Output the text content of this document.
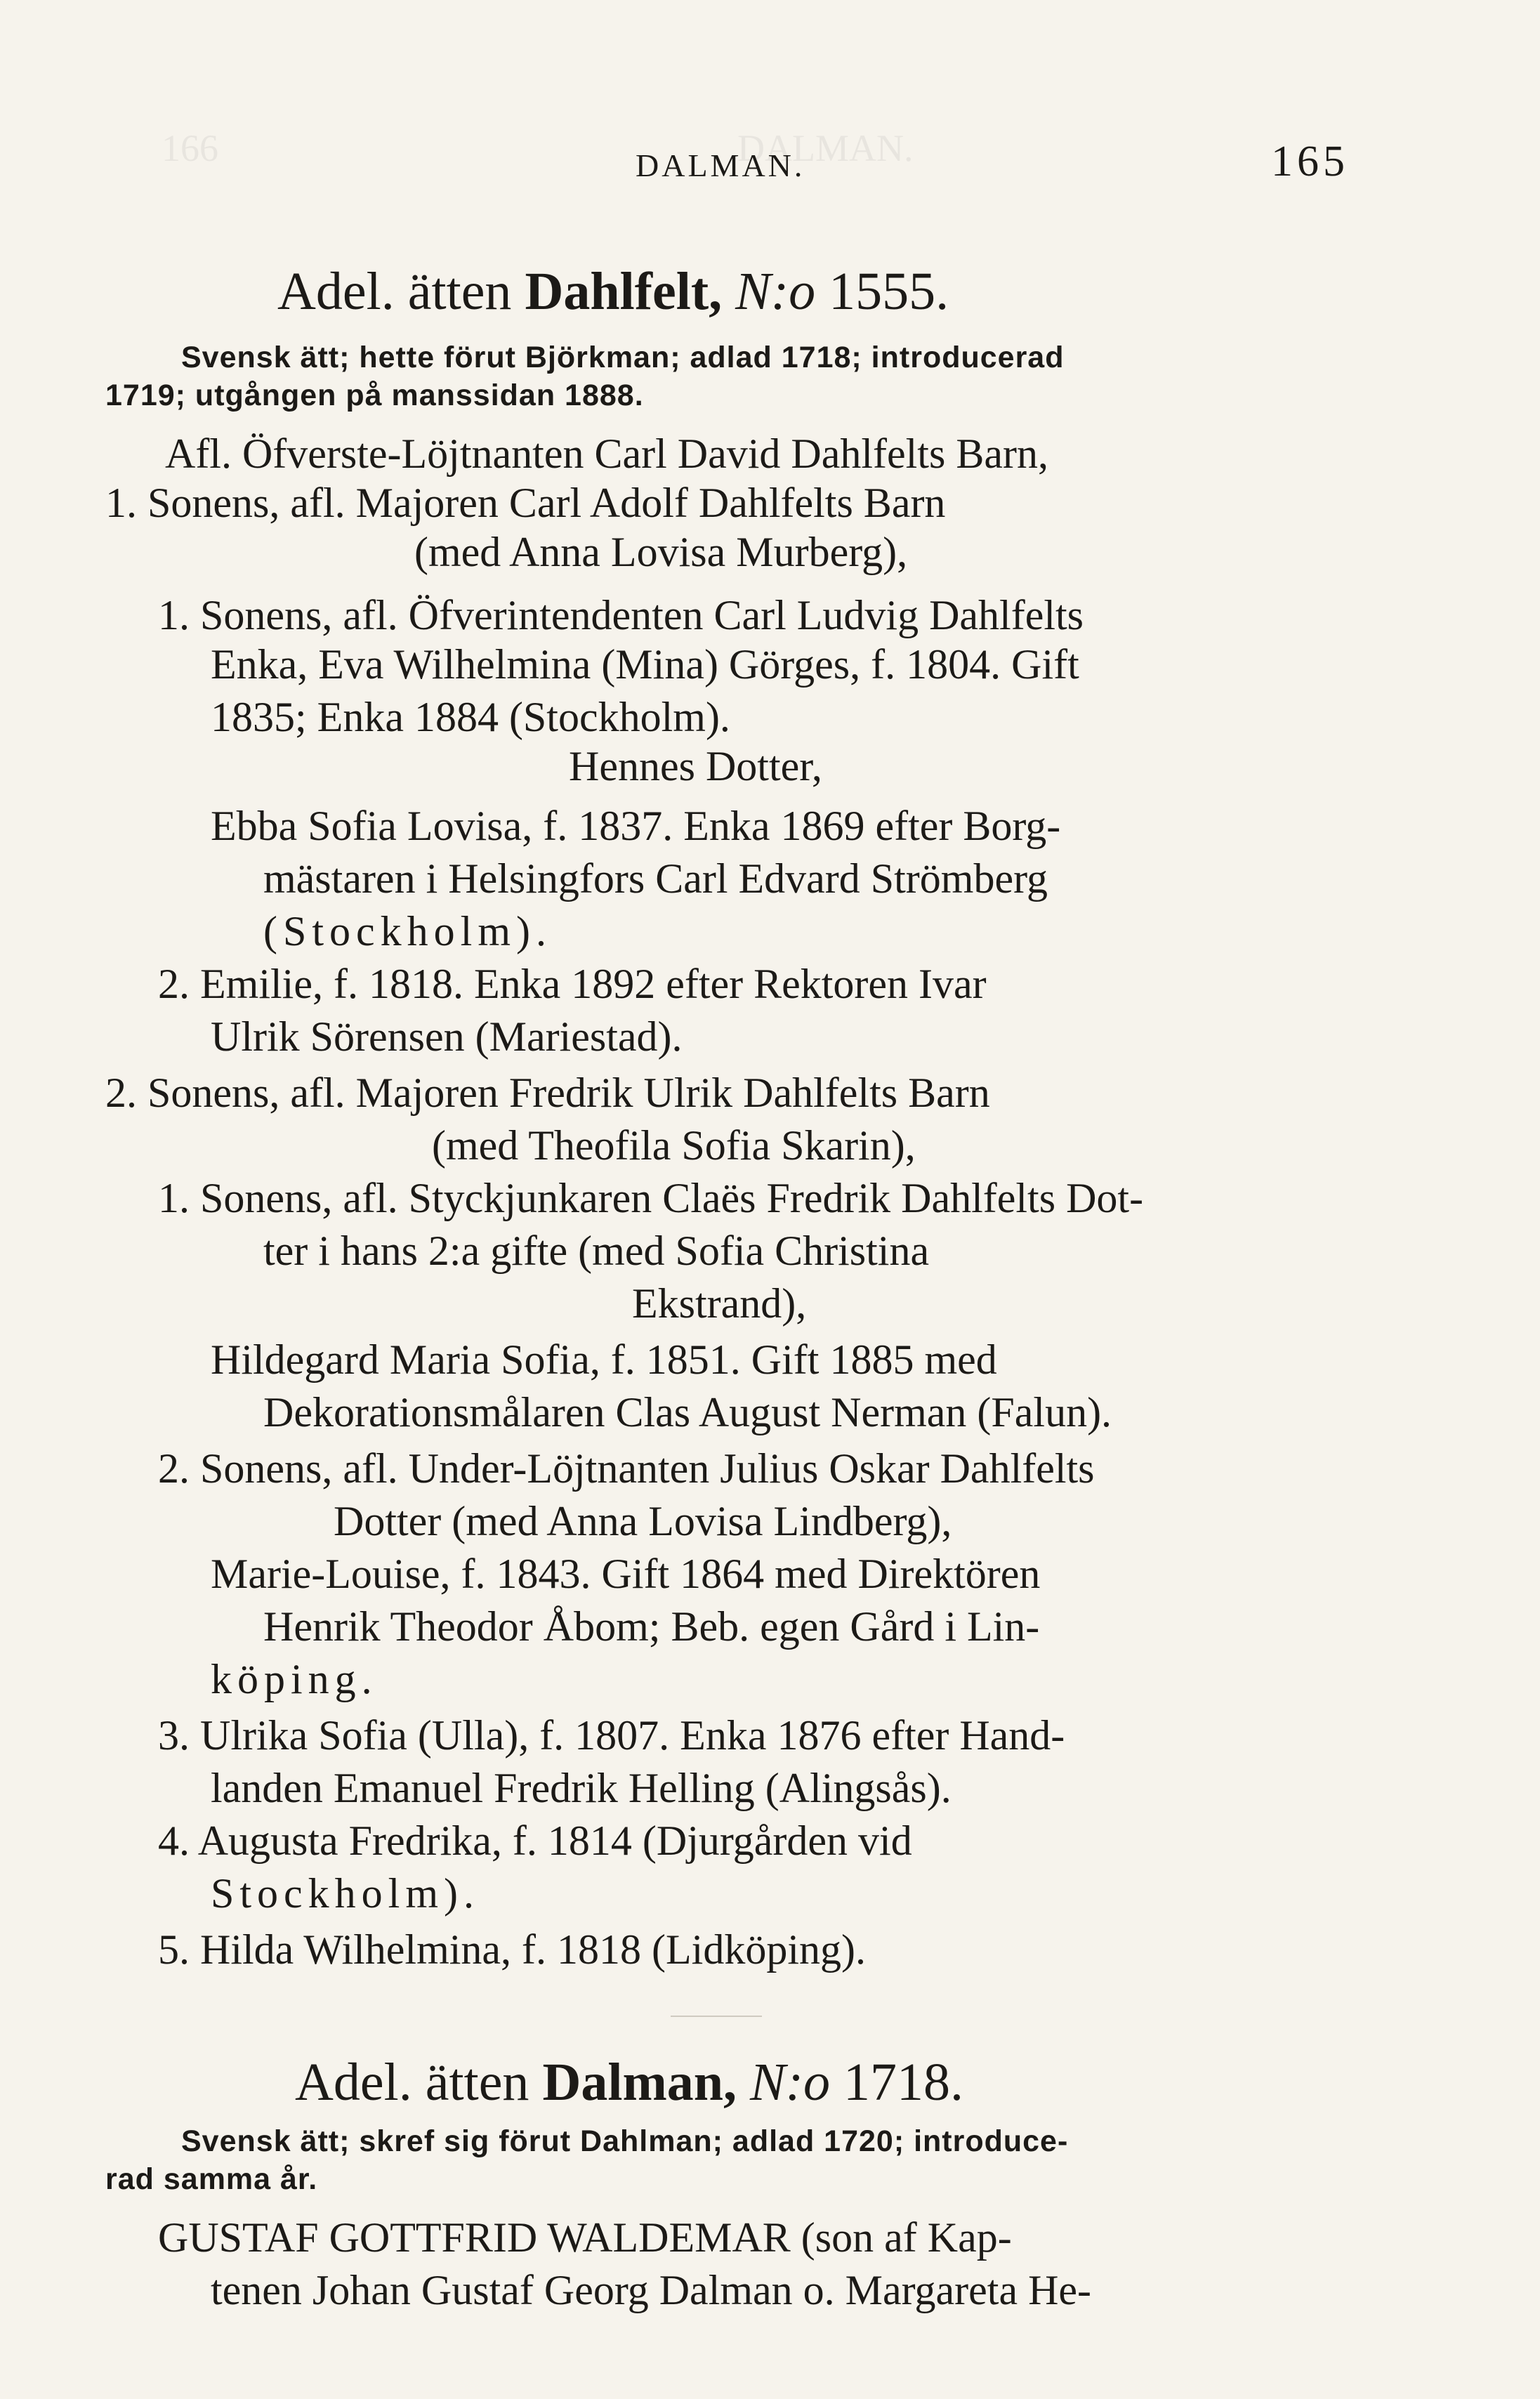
166	DALMAN.
DALMAN.	165
Adel. ätten Dahlfelt, N:o 1555.
Svensk ätt; hette förut Björkman; adlad 1718; introducerad
1719; utgången på manssidan 1888.
Afl. Öfverste-Löjtnanten Carl David Dahlfelts Barn,
1. Sonens, afl. Majoren Carl Adolf Dahlfelts Barn
(med Anna Lovisa Murberg),
1. Sonens, afl. Öfverintendenten Carl Ludvig Dahlfelts
Enka, Eva Wilhelmina (Mina) Görges, f. 1804. Gift
1835; Enka 1884 (Stockholm).
Hennes Dotter,
Ebba Sofia Lovisa, f. 1837. Enka 1869 efter Borg-
mästaren i Helsingfors Carl Edvard Strömberg
(Stockholm).
2. Emilie, f. 1818. Enka 1892 efter Rektoren Ivar
Ulrik Sörensen (Mariestad).
2. Sonens, afl. Majoren Fredrik Ulrik Dahlfelts Barn
(med Theofila Sofia Skarin),
1. Sonens, afl. Styckjunkaren Claës Fredrik Dahlfelts Dot-
ter i hans 2:a gifte (med Sofia Christina
Ekstrand),
Hildegard Maria Sofia, f. 1851. Gift 1885 med
Dekorationsmålaren Clas August Nerman (Falun).
2. Sonens, afl. Under-Löjtnanten Julius Oskar Dahlfelts
Dotter (med Anna Lovisa Lindberg),
Marie-Louise, f. 1843. Gift 1864 med Direktören
Henrik Theodor Åbom; Beb. egen Gård i Lin-
köping.
3. Ulrika Sofia (Ulla), f. 1807. Enka 1876 efter Hand-
landen Emanuel Fredrik Helling (Alingsås).
4. Augusta Fredrika, f. 1814 (Djurgården vid
Stockholm).
5. Hilda Wilhelmina, f. 1818 (Lidköping).
Adel. ätten Dalman, N:o 1718.
Svensk ätt; skref sig förut Dahlman; adlad 1720; introduce-
rad samma år.
GUSTAF GOTTFRID WALDEMAR (son af Kap-
tenen Johan Gustaf Georg Dalman o. Margareta He-
